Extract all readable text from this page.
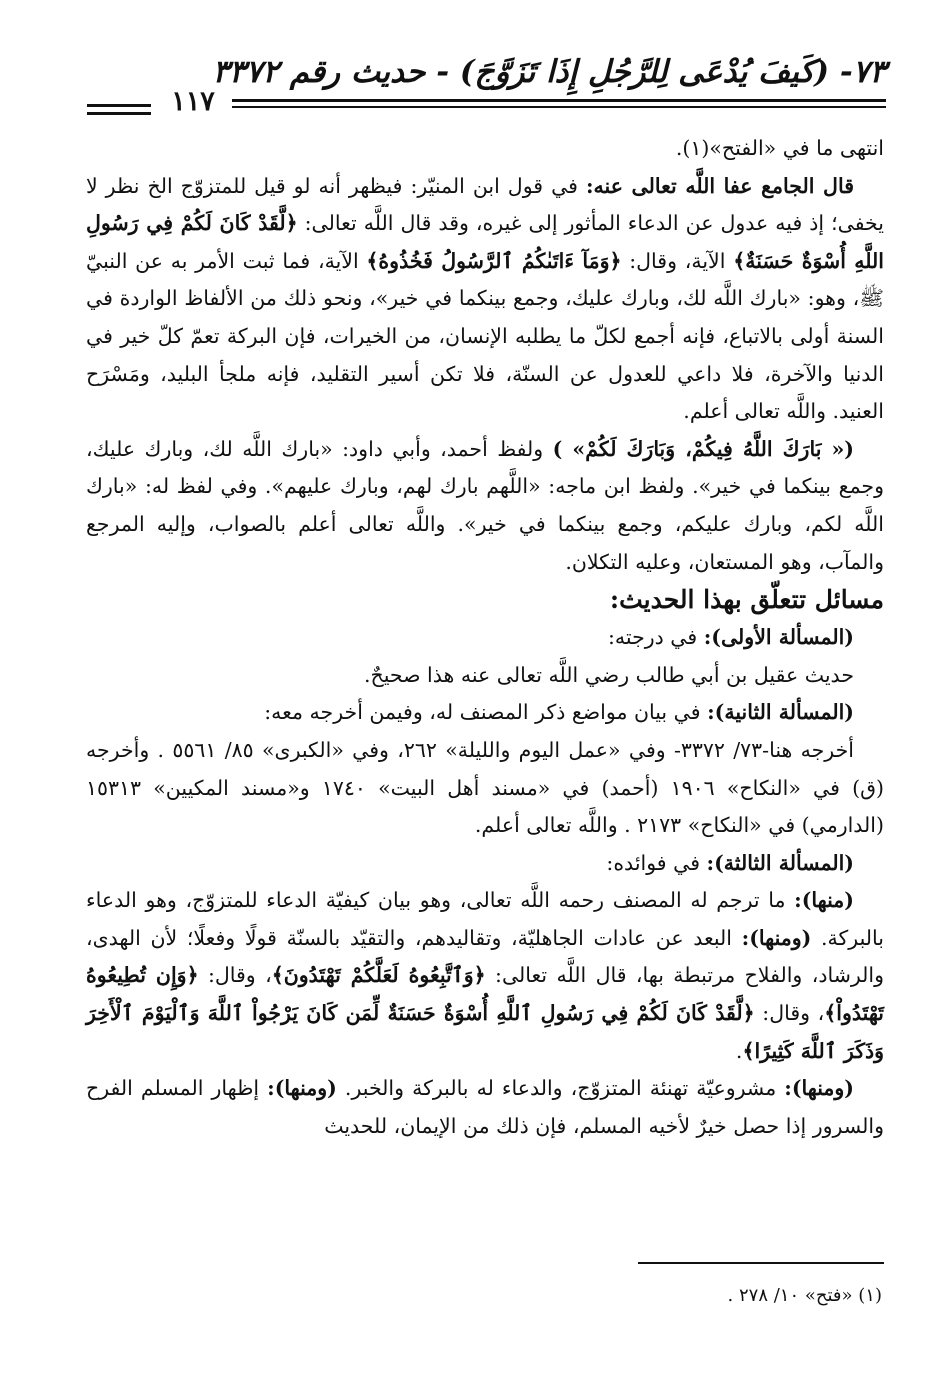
٧٣- (كَيفَ يُدْعَى لِلرَّجُلِ إِذَا تَزَوَّجَ) - حديث رقم ٣٣٧٢
١١٧

انتهى ما في «الفتح»(١).

قال الجامع عفا اللَّه تعالى عنه: في قول ابن المنيّر: فيظهر أنه لو قيل للمتزوّج الخ نظر لا يخفى؛ إذ فيه عدول عن الدعاء المأثور إلى غيره، وقد قال اللَّه تعالى: ﴿لَّقَدْ كَانَ لَكُمْ فِي رَسُولِ اللَّهِ أُسْوَةٌ حَسَنَةٌ﴾ الآية، وقال: ﴿وَمَآ ءَاتَىٰكُمُ ٱلرَّسُولُ فَخُذُوهُ﴾ الآية، فما ثبت الأمر به عن النبيّ ﷺ، وهو: «بارك اللَّه لك، وبارك عليك، وجمع بينكما في خير»، ونحو ذلك من الألفاظ الواردة في السنة أولى بالاتباع، فإنه أجمع لكلّ ما يطلبه الإنسان، من الخيرات، فإن البركة تعمّ كلّ خير في الدنيا والآخرة، فلا داعي للعدول عن السنّة، فلا تكن أسير التقليد، فإنه ملجأ البليد، ومَسْرَح العنيد. واللَّه تعالى أعلم.

(« بَارَكَ اللَّهُ فِيكُمْ، وَبَارَكَ لَكُمْ» ) ولفظ أحمد، وأبي داود: «بارك اللَّه لك، وبارك عليك، وجمع بينكما في خير». ولفظ ابن ماجه: «اللَّهم بارك لهم، وبارك عليهم». وفي لفظ له: «بارك اللَّه لكم، وبارك عليكم، وجمع بينكما في خير». واللَّه تعالى أعلم بالصواب، وإليه المرجع والمآب، وهو المستعان، وعليه التكلان.

مسائل تتعلّق بهذا الحديث:

(المسألة الأولى): في درجته:

حديث عقيل بن أبي طالب رضي اللَّه تعالى عنه هذا صحيحٌ.

(المسألة الثانية): في بيان مواضع ذكر المصنف له، وفيمن أخرجه معه:

أخرجه هنا-٧٣/ ٣٣٧٢- وفي «عمل اليوم والليلة» ٢٦٢، وفي «الكبرى» ٨٥/ ٥٥٦١ . وأخرجه (ق) في «النكاح» ١٩٠٦ (أحمد) في «مسند أهل البيت» ١٧٤٠ و«مسند المكيين» ١٥٣١٣ (الدارمي) في «النكاح» ٢١٧٣ . واللَّه تعالى أعلم.

(المسألة الثالثة): في فوائده:

(منها): ما ترجم له المصنف رحمه اللَّه تعالى، وهو بيان كيفيّة الدعاء للمتزوّج، وهو الدعاء بالبركة. (ومنها): البعد عن عادات الجاهليّة، وتقاليدهم، والتقيّد بالسنّة قولًا وفعلًا؛ لأن الهدى، والرشاد، والفلاح مرتبطة بها، قال اللَّه تعالى: ﴿وَٱتَّبِعُوهُ لَعَلَّكُمْ تَهْتَدُونَ﴾، وقال: ﴿وَإِن تُطِيعُوهُ تَهْتَدُواْ﴾، وقال: ﴿لَّقَدْ كَانَ لَكُمْ فِي رَسُولِ ٱللَّهِ أُسْوَةٌ حَسَنَةٌ لِّمَن كَانَ يَرْجُواْ ٱللَّهَ وَٱلْيَوْمَ ٱلْأَخِرَ وَذَكَرَ ٱللَّهَ كَثِيرًا﴾.

(ومنها): مشروعيّة تهنئة المتزوّج، والدعاء له بالبركة والخبر. (ومنها): إظهار المسلم الفرح والسرور إذا حصل خيرٌ لأخيه المسلم، فإن ذلك من الإيمان، للحديث

(١) «فتح» ١٠/ ٢٧٨ .
